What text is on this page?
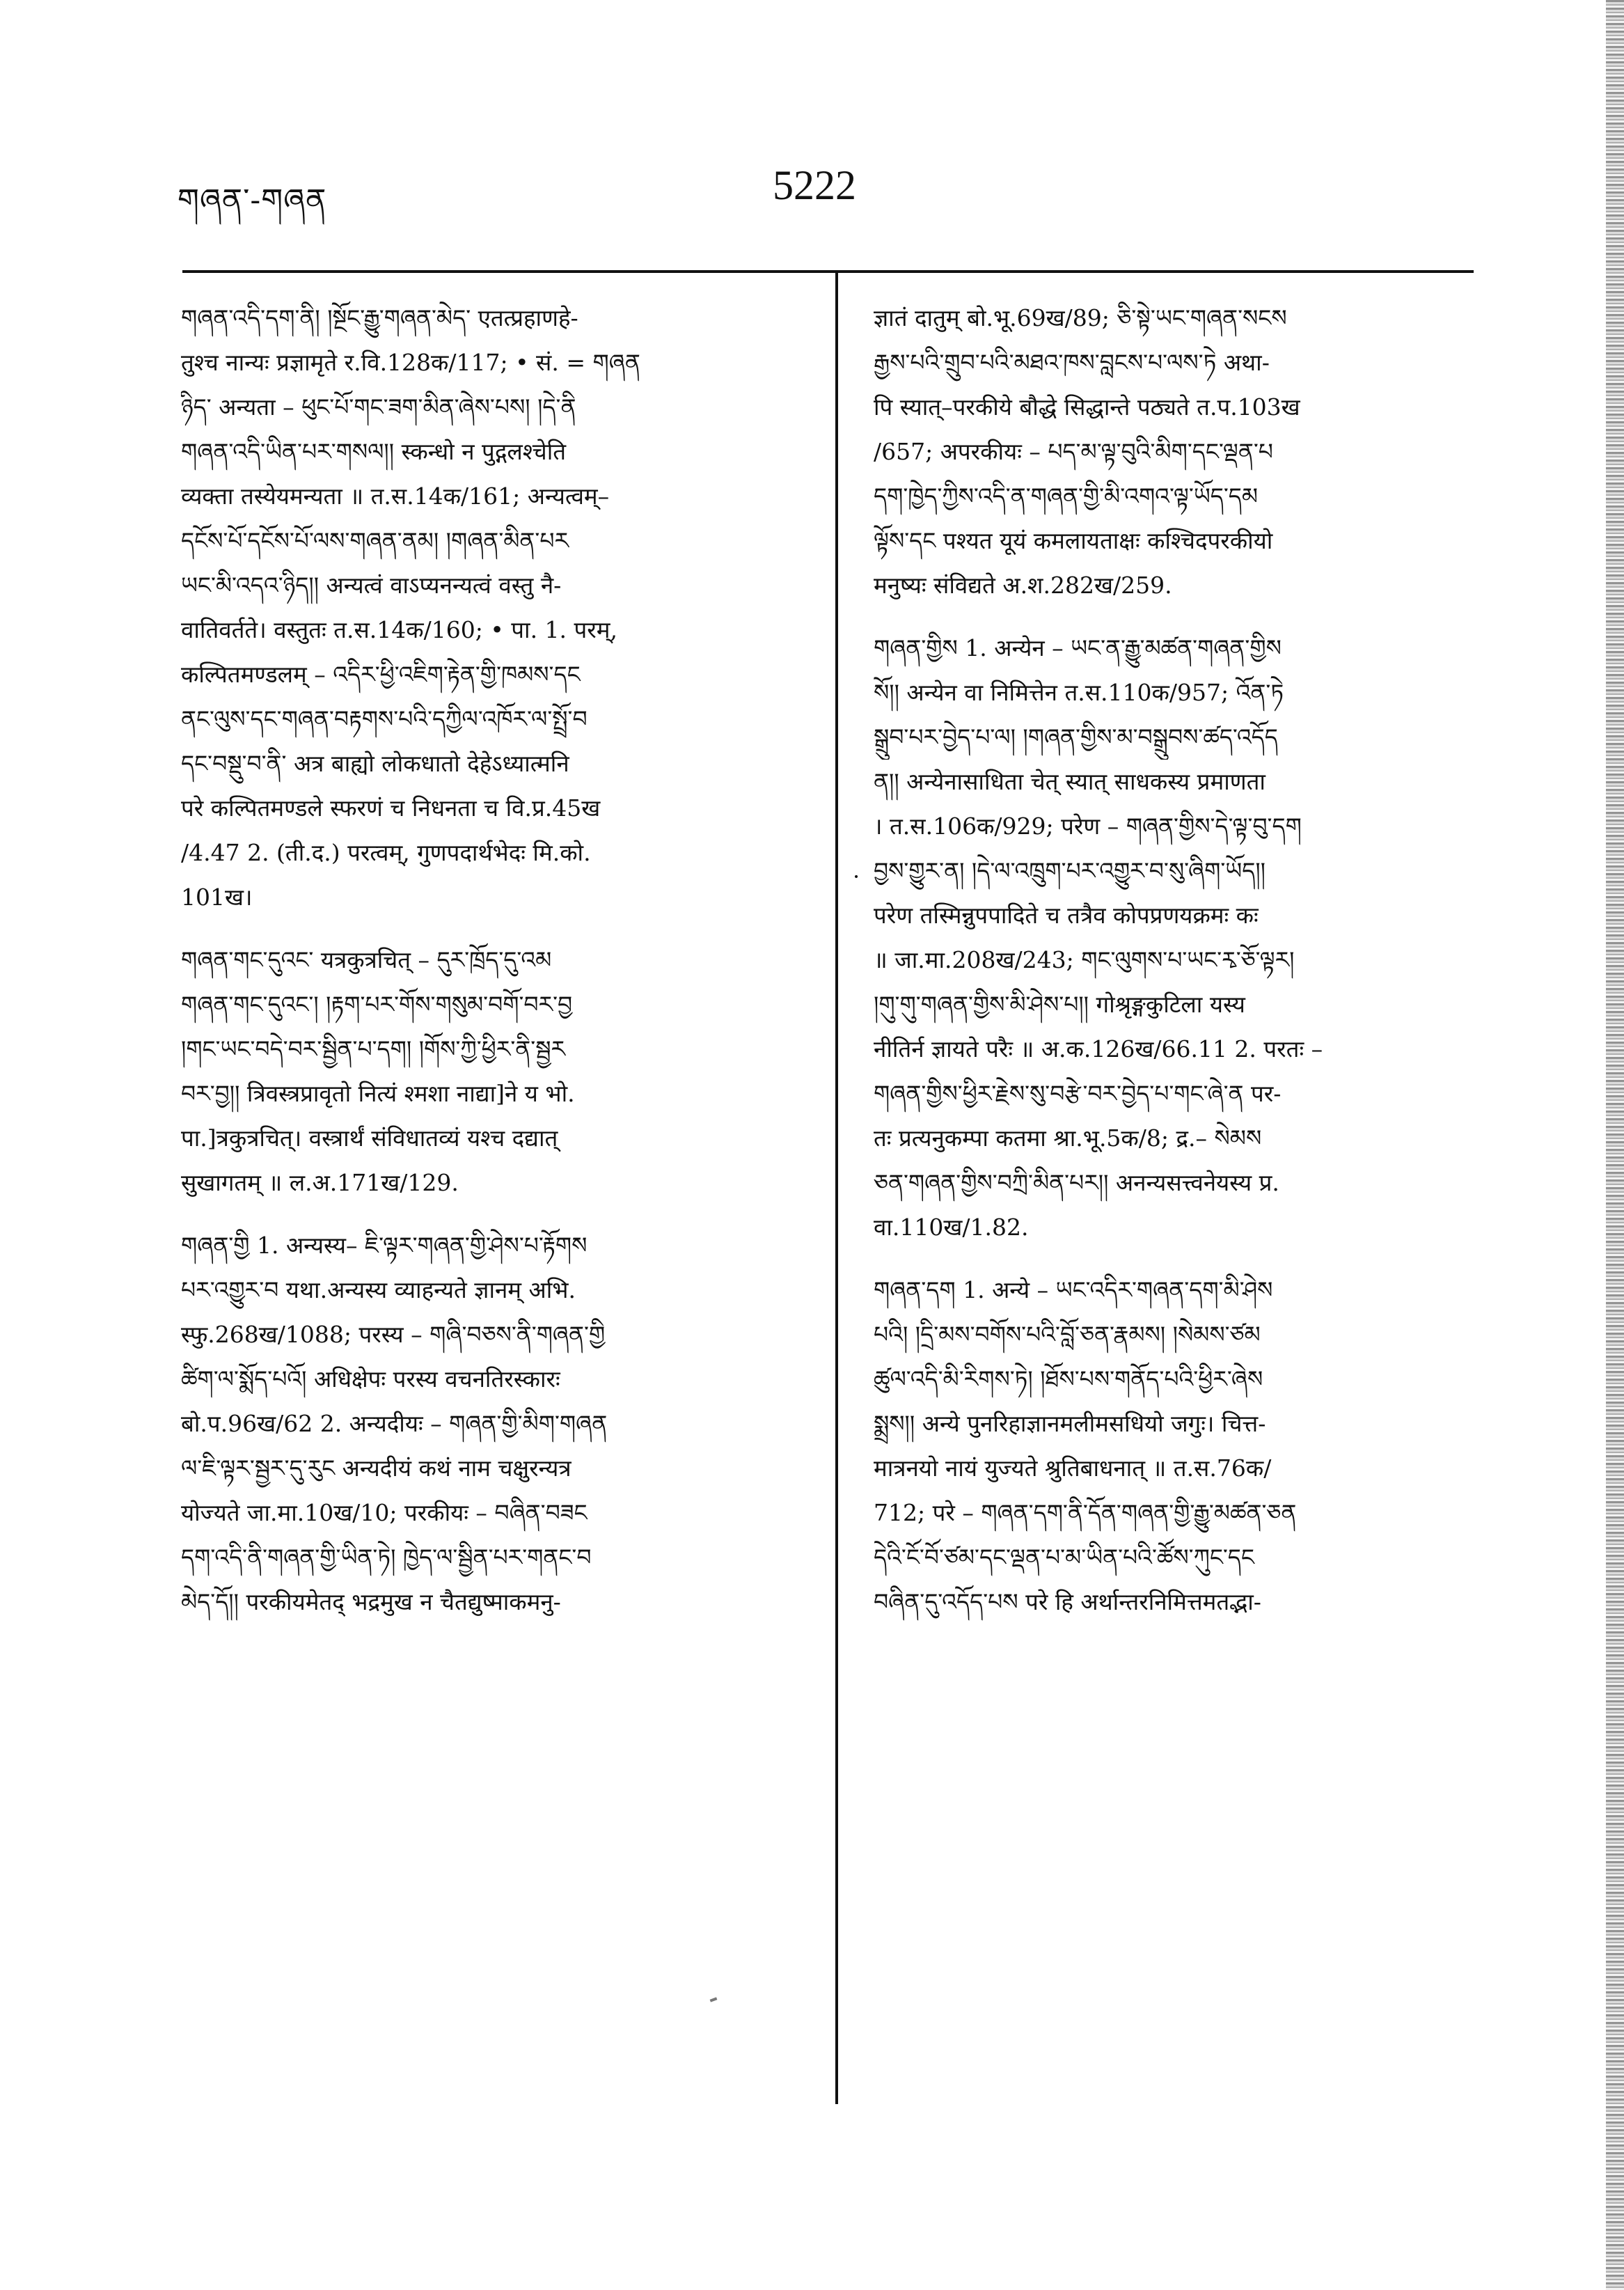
གཞན་-གཞན	5222
གཞན་འདི་དག་ནི། །སྔོང་རྒྱུ་གཞན་མེད་ एतत्प्रहाणहे-
तुश्च नान्यः प्रज्ञामृते र.वि.128क/117; • सं. = གཞན
ཉིད་ अन्यता – ཕུང་པོ་གང་ཟག་མིན་ཞེས་པས། །དེ་ནི
གཞན་འདི་ཡིན་པར་གསལ།། स्कन्धो न पुद्गलश्चेति
व्यक्ता तस्येयमन्यता ॥ त.स.14क/161; अन्यत्वम्–
དངོས་པོ་དངོས་པོ་ལས་གཞན་ནམ། །གཞན་མིན་པར
ཡང་མི་འདའ་ཉིད།། अन्यत्वं वाऽप्यनन्यत्वं वस्तु नै-
वातिवर्तते। वस्तुतः त.स.14क/160; • पा. 1. परम्,
कल्पितमण्डलम् – འདིར་ཕྱི་འཇིག་རྟེན་གྱི་ཁམས་དང
ནང་ལུས་དང་གཞན་བརྟགས་པའི་དཀྱིལ་འཁོར་ལ་སྤྲོ་བ
དང་བསྡུ་བ་ནི་ अत्र बाह्यो लोकधातो देहेऽध्यात्मनि
परे कल्पितमण्डले स्फरणं च निधनता च वि.प्र.45ख
/4.47 2. (ती.द.) परत्वम्, गुणपदार्थभेदः मि.को.
101ख।
གཞན་གང་དུའང་ यत्रकुत्रचित् – དུར་ཁྲོད་དུ་འམ
གཞན་གང་དུའང་། །རྟག་པར་གོས་གསུམ་བགོ་བར་བྱ
།གང་ཡང་བདེ་བར་སྦྱིན་པ་དག། །གོས་ཀྱི་ཕྱིར་ནི་སྦྱར
བར་བྱ།། त्रिवस्त्रप्रावृतो नित्यं श्मशा नाद्या]ने य भो.
पा.]त्रकुत्रचित्। वस्त्रार्थं संविधातव्यं यश्च दद्यात्
सुखागतम् ॥ ल.अ.171ख/129.
གཞན་གྱི 1. अन्यस्य– ཇི་ལྟར་གཞན་གྱི་ཤེས་པ་རྟོགས
པར་འགྱུར་བ यथा.अन्यस्य व्याहन्यते ज्ञानम् अभि.
स्फु.268ख/1088; परस्य – གཞི་བཅས་ནི་གཞན་གྱི
ཚིག་ལ་སྨོད་པའོ། अधिक्षेपः परस्य वचनतिरस्कारः
बो.प.96ख/62 2. अन्यदीयः – གཞན་གྱི་མིག་གཞན
ལ་ཇི་ལྟར་སྦྱར་དུ་རུང अन्यदीयं कथं नाम चक्षुरन्यत्र
योज्यते जा.मा.10ख/10; परकीयः – བཞིན་བཟང
དག་འདི་ནི་གཞན་གྱི་ཡིན་ཏེ། ཁྱེད་ལ་སྦྱིན་པར་གནང་བ
མེད་དོ།། परकीयमेतद् भद्रमुख न चैतद्युष्माकमनु-
ज्ञातं दातुम् बो.भू.69ख/89; ཅི་སྟེ་ཡང་གཞན་སངས
རྒྱས་པའི་གྲུབ་པའི་མཐའ་ཁས་བླངས་པ་ལས་ཏེ अथा-
पि स्यात्–परकीये बौद्धे सिद्धान्ते पठ्यते त.प.103ख
/657; अपरकीयः – པད་མ་ལྟ་བུའི་མིག་དང་ལྡན་པ
དག་ཁྱེད་ཀྱིས་འདི་ན་གཞན་གྱི་མི་འགའ་ལྟ་ཡོད་དམ
ལྟོས་དང पश्यत यूयं कमलायताक्षः कश्चिदपरकीयो
मनुष्यः संविद्यते अ.श.282ख/259.
གཞན་གྱིས 1. अन्येन – ཡང་ན་རྒྱུ་མཚན་གཞན་གྱིས
སོ།། अन्येन वा निमित्तेन त.स.110क/957; འོན་ཏེ
སྒྲུབ་པར་བྱེད་པ་ལ། །གཞན་གྱིས་མ་བསྒྲུབས་ཚད་འདོད
ན།། अन्येनासाधिता चेत् स्यात् साधकस्य प्रमाणता
। त.स.106क/929; परेण – གཞན་གྱིས་དེ་ལྟ་བུ་དག
བྱས་གྱུར་ན། །དེ་ལ་འཁྲུག་པར་འགྱུར་བ་སུ་ཞིག་ཡོད།།
परेण तस्मिन्नुपपादिते च तत्रैव कोपप्रणयक्रमः कः
॥ जा.मा.208ख/243; གང་ལུགས་པ་ཡང་རྭ་ཅོ་ལྟར།
།གུ་གུ་གཞན་གྱིས་མི་ཤེས་པ།། गोश्रृङ्गकुटिला यस्य
नीतिर्न ज्ञायते परैः ॥ अ.क.126ख/66.11 2. परतः –
གཞན་གྱིས་ཕྱིར་རྗེས་སུ་བརྩེ་བར་བྱེད་པ་གང་ཞེ་ན पर-
तः प्रत्यनुकम्पा कतमा श्रा.भू.5क/8; द्र.– སེམས
ཅན་གཞན་གྱིས་བཀྲི་མིན་པར།། अनन्यसत्त्वनेयस्य प्र.
वा.110ख/1.82.
གཞན་དག 1. अन्ये – ཡང་འདིར་གཞན་དག་མི་ཤེས
པའི། །དྲི་མས་བགོས་པའི་བློ་ཅན་རྣམས། །སེམས་ཙམ
ཚུལ་འདི་མི་རིགས་ཏེ། །ཐོས་པས་གནོད་པའི་ཕྱིར་ཞེས
སྨྲས།། अन्ये पुनरिहाज्ञानमलीमसधियो जगुः। चित्त-
मात्रनयो नायं युज्यते श्रुतिबाधनात् ॥ त.स.76क/
712; परे – གཞན་དག་ནི་དོན་གཞན་གྱི་རྒྱུ་མཚན་ཅན
དེའི་ངོ་བོ་ཙམ་དང་ལྡན་པ་མ་ཡིན་པའི་ཚོས་ཀུང་དང
བཞིན་དུ་འདོད་པས परे हि अर्थान्तरनिमित्तमतद्भा-
·
